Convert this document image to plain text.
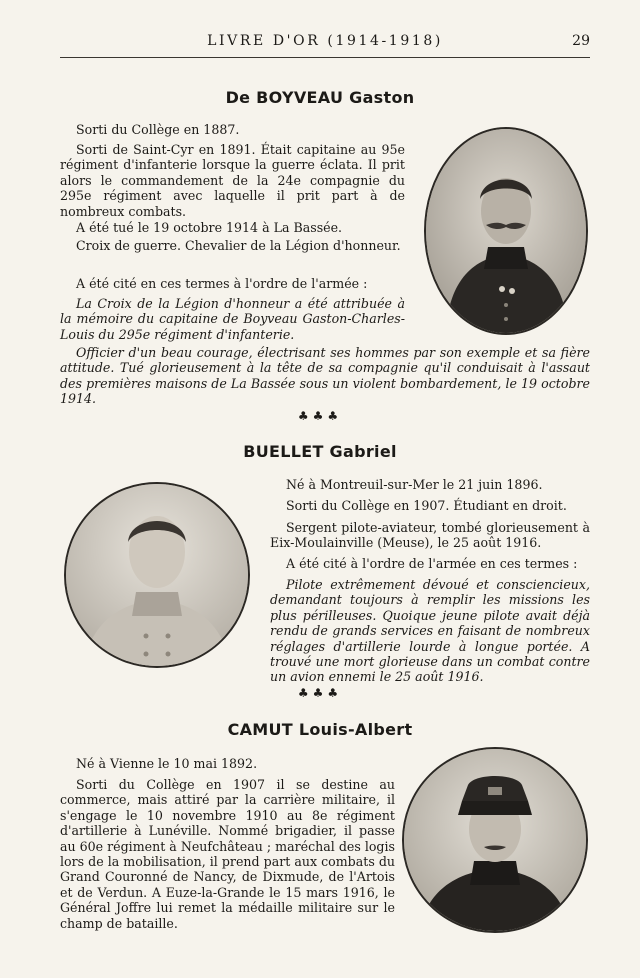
LIVRE D'OR (1914-1918)	29
De BOYVEAU Gaston

Sorti du Collège en 1887.

Sorti de Saint-Cyr en 1891. Était capitaine au 95e régiment d'infanterie lorsque la guerre éclata. Il prit alors le commandement de la 24e compagnie du 295e régiment avec laquelle il prit part à de nombreux combats.

A été tué le 19 octobre 1914 à La Bassée.

Croix de guerre. Chevalier de la Légion d'honneur.

A été cité en ces termes à l'ordre de l'armée :

La Croix de la Légion d'honneur a été attribuée à la mémoire du capitaine de Boyveau Gaston-Charles-Louis du 295e régiment d'infanterie.

Officier d'un beau courage, électrisant ses hommes par son exemple et sa fière attitude. Tué glorieusement à la tête de sa compagnie qu'il conduisait à l'assaut des premières maisons de La Bassée sous un violent bombardement, le 19 octobre 1914.

♣♣♣
BUELLET Gabriel

Né à Montreuil-sur-Mer le 21 juin 1896.

Sorti du Collège en 1907. Étudiant en droit.

Sergent pilote-aviateur, tombé glorieusement à Eix-Moulainville (Meuse), le 25 août 1916.

A été cité à l'ordre de l'armée en ces termes :

Pilote extrêmement dévoué et consciencieux, demandant toujours à remplir les missions les plus périlleuses. Quoique jeune pilote avait déjà rendu de grands services en faisant de nombreux réglages d'artillerie lourde à longue portée. A trouvé une mort glorieuse dans un combat contre un avion ennemi le 25 août 1916.

♣♣♣
CAMUT Louis-Albert

Né à Vienne le 10 mai 1892.

Sorti du Collège en 1907 il se destine au commerce, mais attiré par la carrière militaire, il s'engage le 10 novembre 1910 au 8e régiment d'artillerie à Lunéville. Nommé brigadier, il passe au 60e régiment à Neufchâteau ; maréchal des logis lors de la mobilisation, il prend part aux combats du Grand Couronné de Nancy, de Dixmude, de l'Artois et de Verdun. A Euze-la-Grande le 15 mars 1916, le Général Joffre lui remet la médaille militaire sur le champ de bataille.
